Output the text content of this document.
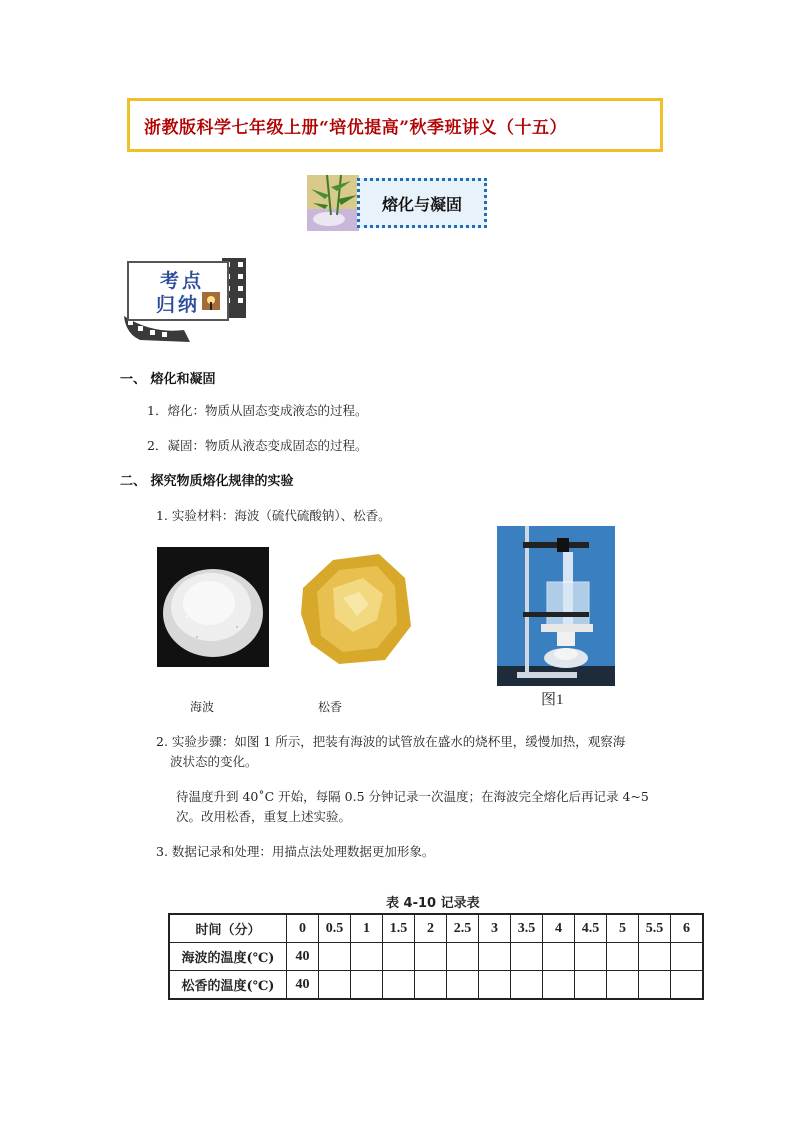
浙教版科学七年级上册“培优提高”秋季班讲义（十五）
熔化与凝固
考点
归纳
一、 熔化和凝固
1．熔化：物质从固态变成液态的过程。
2．凝固：物质从液态变成固态的过程。
二、 探究物质熔化规律的实验
1. 实验材料：海波（硫代硫酸钠）、松香。
海波	松香	图1
2. 实验步骤：如图 1 所示，把装有海波的试管放在盛水的烧杯里，缓慢加热，观察海
波状态的变化。
待温度升到 40˚C 开始，每隔 0.5 分钟记录一次温度；在海波完全熔化后再记录 4~5
次。改用松香，重复上述实验。
3. 数据记录和处理：用描点法处理数据更加形象。
表 4-10 记录表
时间（分）	0	0.5	1	1.5	2	2.5	3	3.5	4	4.5	5	5.5	6
海波的温度(℃)	40												
松香的温度(℃)	40												
